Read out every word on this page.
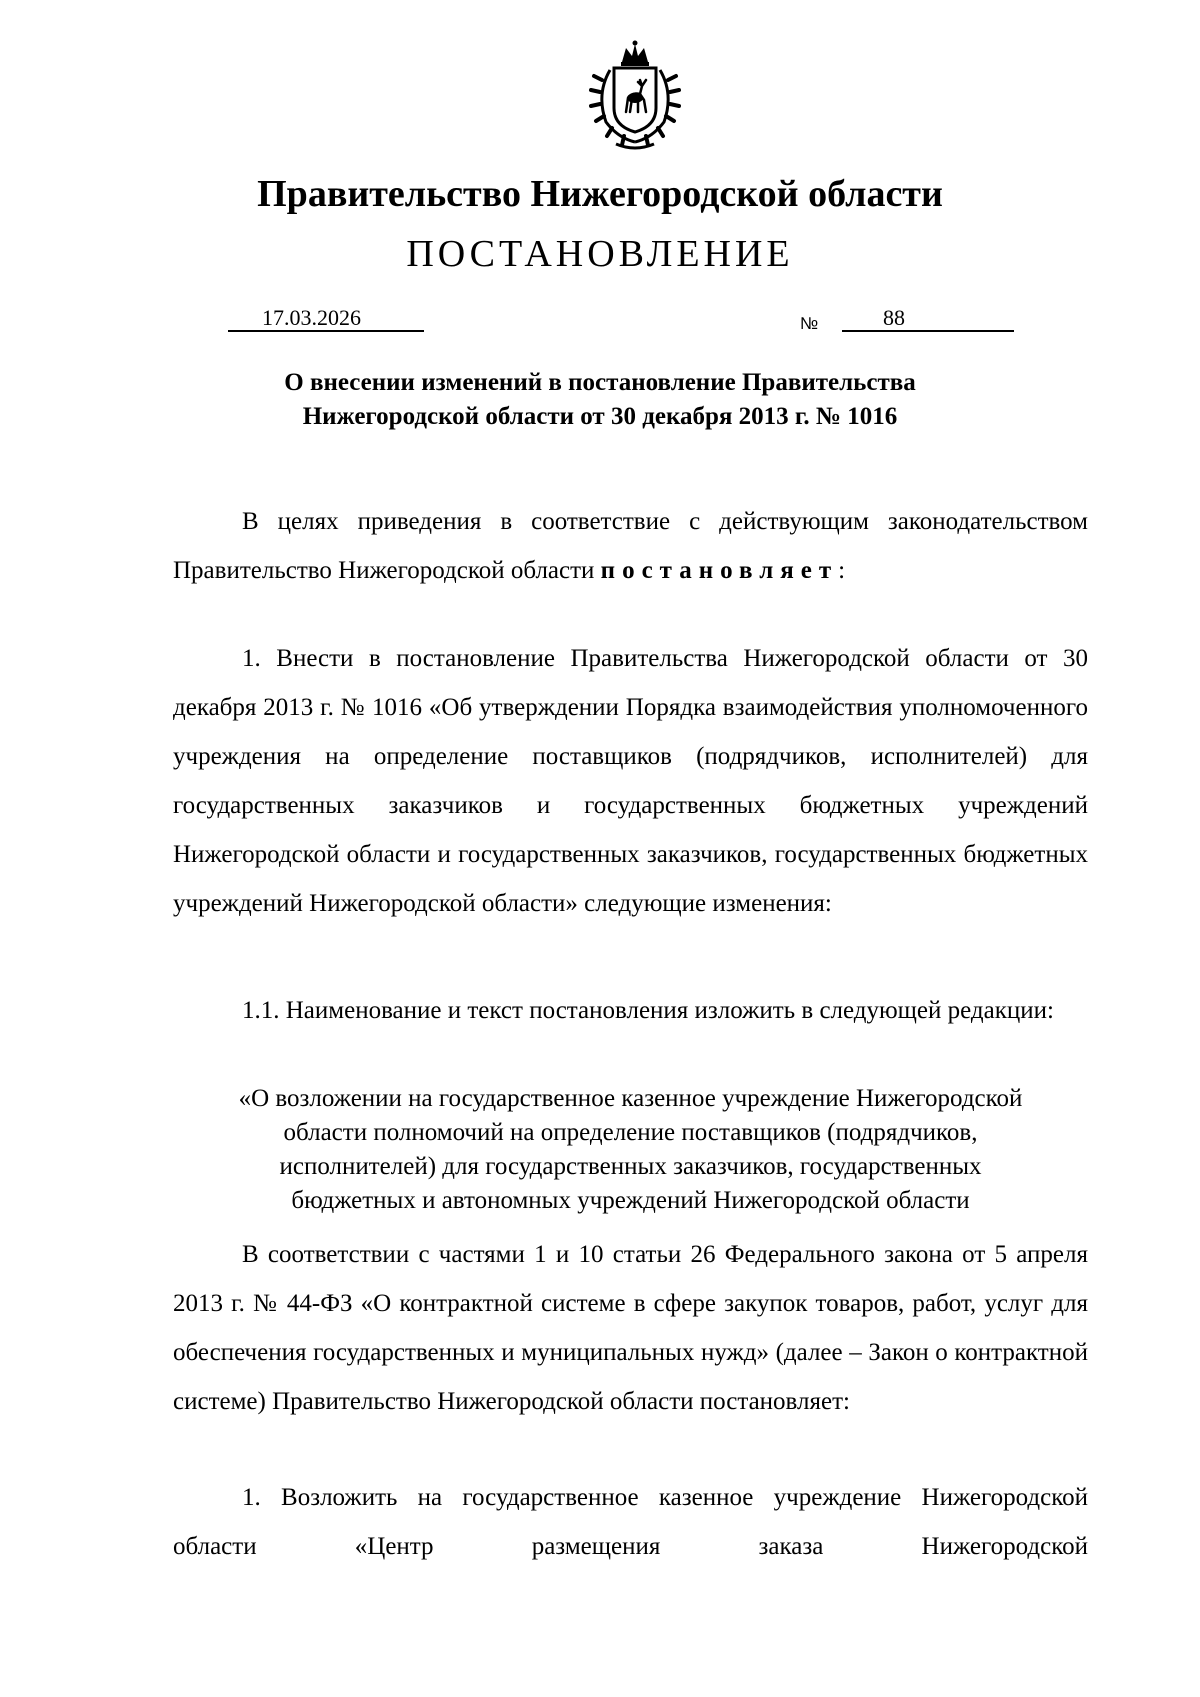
Правительство Нижегородской области
ПОСТАНОВЛЕНИЕ
17.03.2026	№	88
О внесении изменений в постановление Правительства
Нижегородской области от 30 декабря 2013 г. № 1016
В целях приведения в соответствие с действующим законодательством Правительство Нижегородской области постановляет:
1. Внести в постановление Правительства Нижегородской области от 30 декабря 2013 г. № 1016 «Об утверждении Порядка взаимодействия уполномоченного учреждения на определение поставщиков (подрядчиков, исполнителей) для государственных заказчиков и государственных бюджетных учреждений Нижегородской области и государственных заказчиков, государственных бюджетных учреждений Нижегородской области» следующие изменения:
1.1. Наименование и текст постановления изложить в следующей редакции:
«О возложении на государственное казенное учреждение Нижегородской
области полномочий на определение поставщиков (подрядчиков,
исполнителей) для государственных заказчиков, государственных
бюджетных и автономных учреждений Нижегородской области
В соответствии с частями 1 и 10 статьи 26 Федерального закона от 5 апреля 2013 г. № 44-ФЗ «О контрактной системе в сфере закупок товаров, работ, услуг для обеспечения государственных и муниципальных нужд» (далее – Закон о контрактной системе) Правительство Нижегородской области постановляет:
1. Возложить на государственное казенное учреждение Нижегородской области «Центр размещения заказа Нижегородской
